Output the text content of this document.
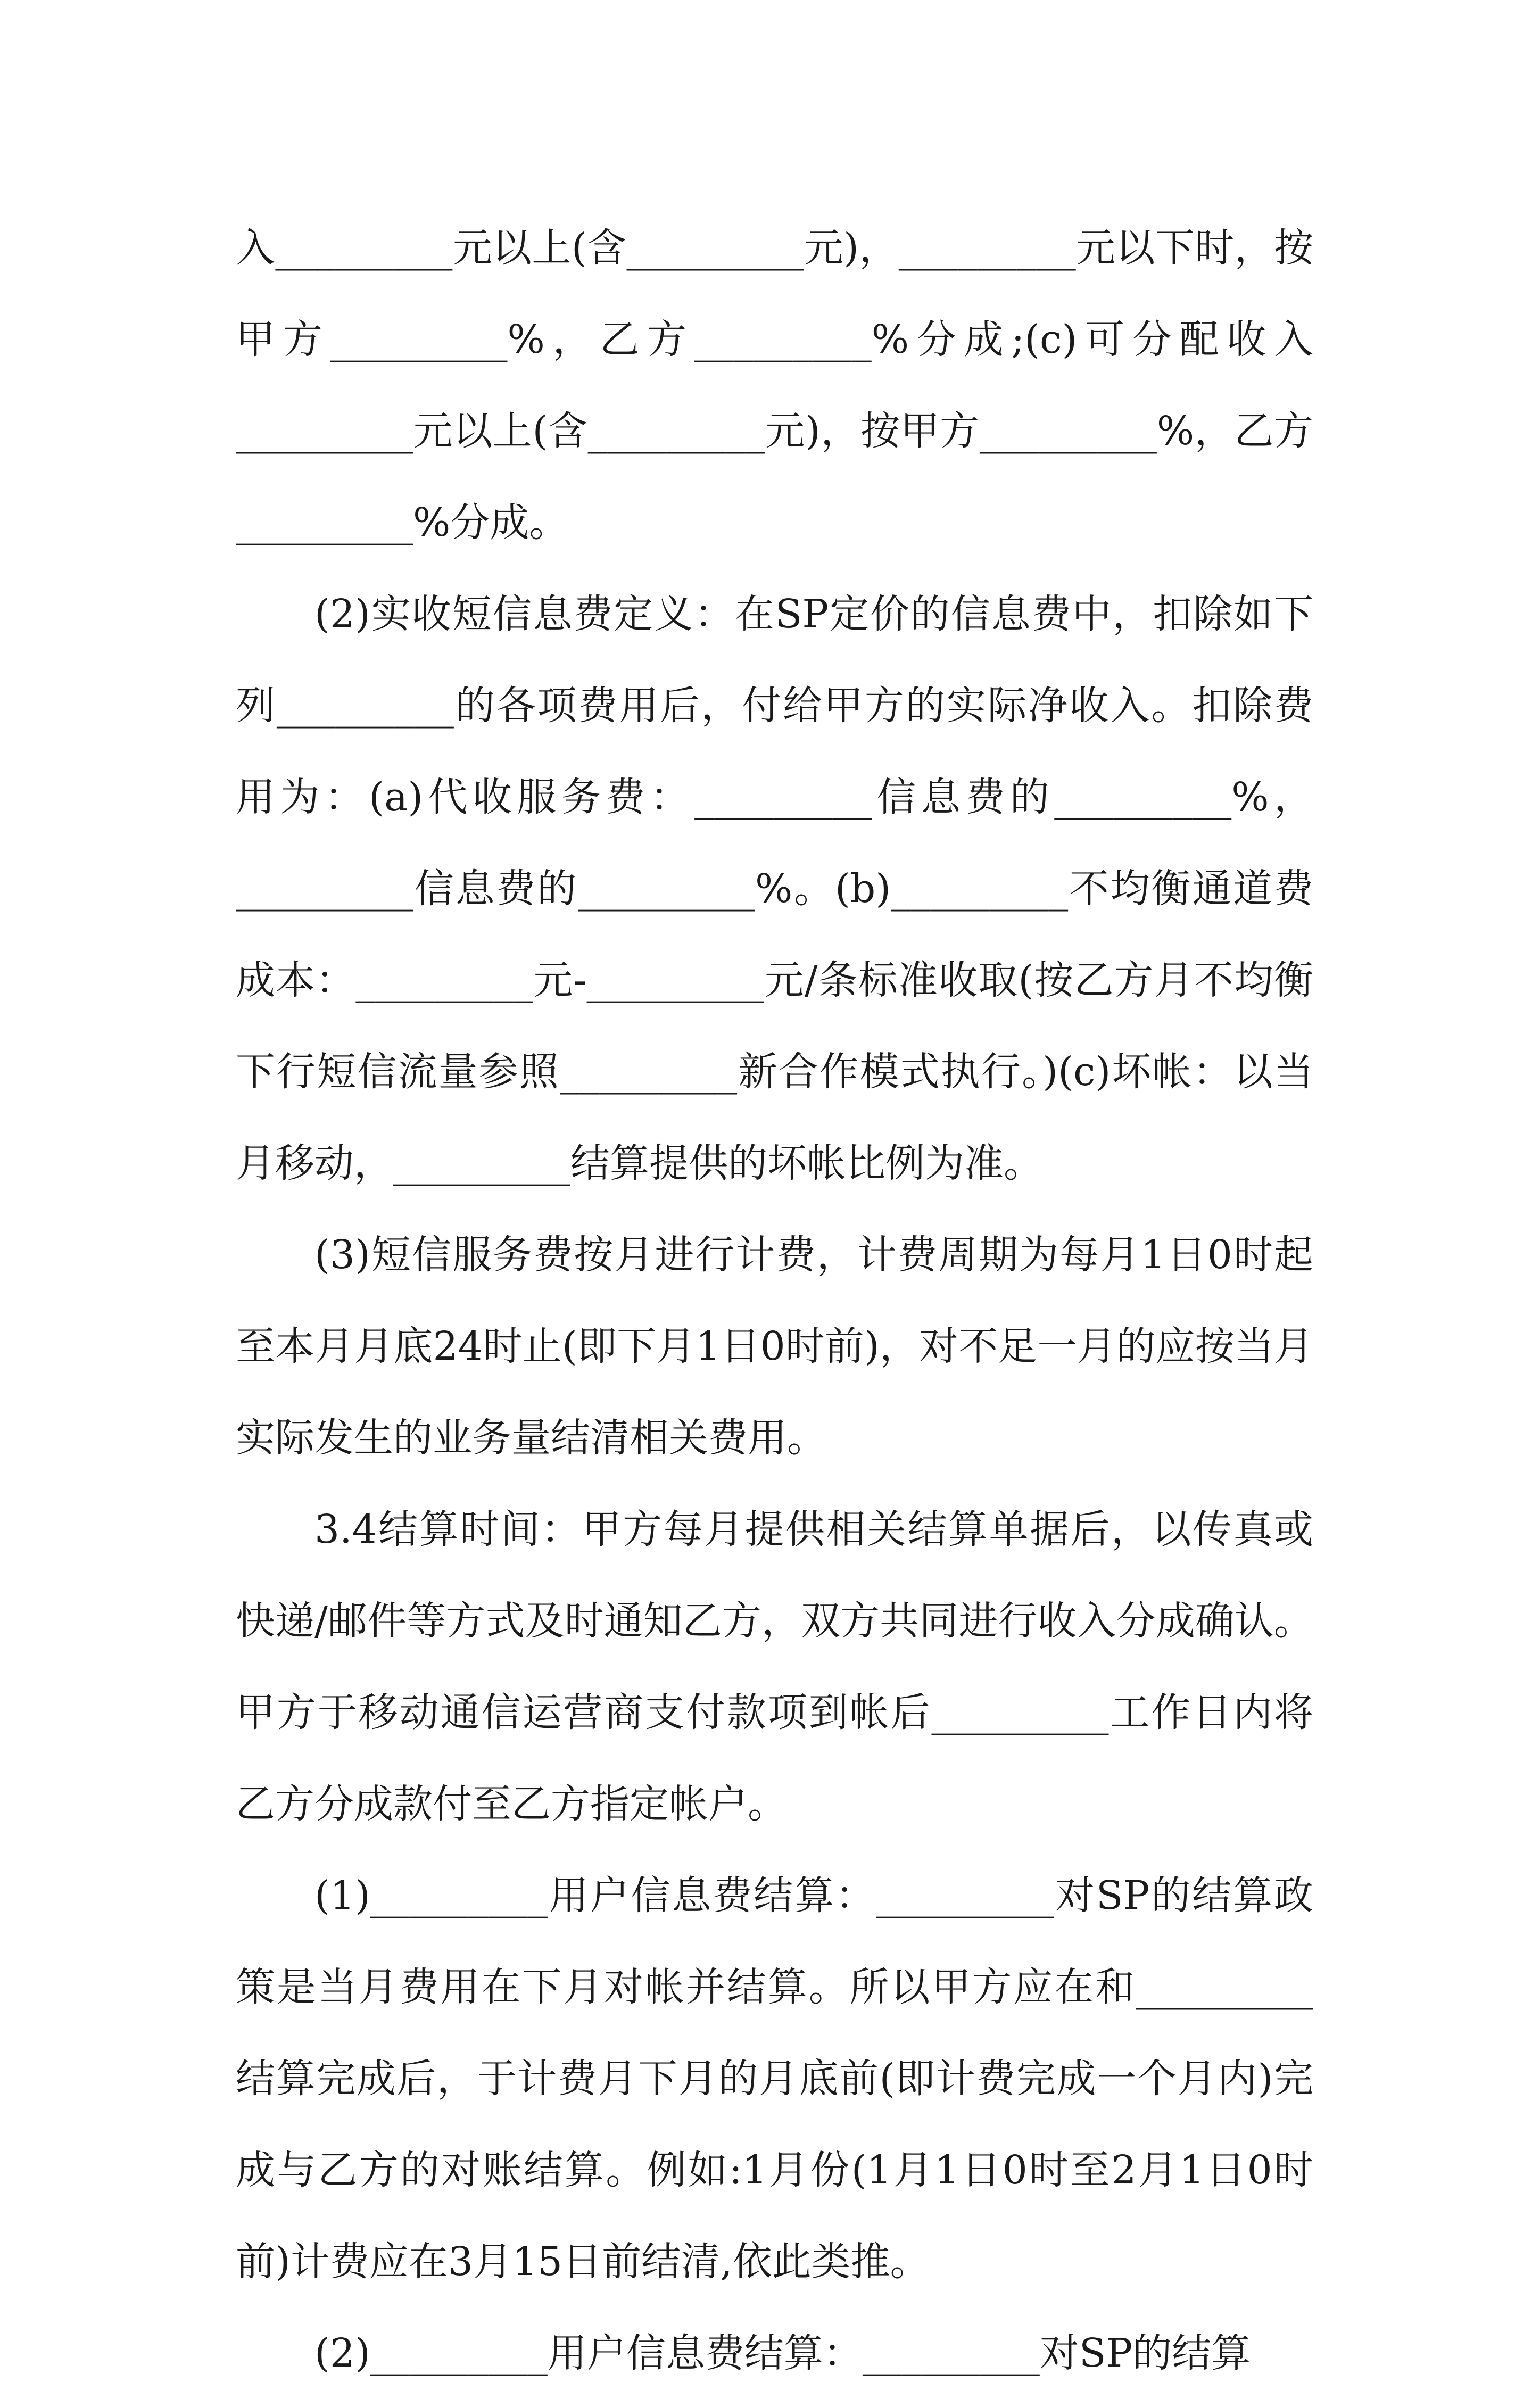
入_________元以上(含_________元)，_________元以下时，按甲方_________%，乙方_________%分成;(c)可分配收入_________元以上(含_________元)，按甲方_________%，乙方_________%分成。

(2)实收短信息费定义：在SP定价的信息费中，扣除如下列_________的各项费用后，付给甲方的实际净收入。扣除费用为：(a)代收服务费：_________信息费的_________%，_________信息费的_________%。(b)_________不均衡通道费成本：_________元-_________元/条标准收取(按乙方月不均衡下行短信流量参照_________新合作模式执行。)(c)坏帐：以当月移动，_________结算提供的坏帐比例为准。

(3)短信服务费按月进行计费，计费周期为每月1日0时起至本月月底24时止(即下月1日0时前)，对不足一月的应按当月实际发生的业务量结清相关费用。

3.4结算时间：甲方每月提供相关结算单据后，以传真或快递/邮件等方式及时通知乙方，双方共同进行收入分成确认。甲方于移动通信运营商支付款项到帐后_________工作日内将乙方分成款付至乙方指定帐户。

(1)_________用户信息费结算：_________对SP的结算政策是当月费用在下月对帐并结算。所以甲方应在和_________结算完成后，于计费月下月的月底前(即计费完成一个月内)完成与乙方的对账结算。例如:1月份(1月1日0时至2月1日0时前)计费应在3月15日前结清,依此类推。

(2)_________用户信息费结算：_________对SP的结算
